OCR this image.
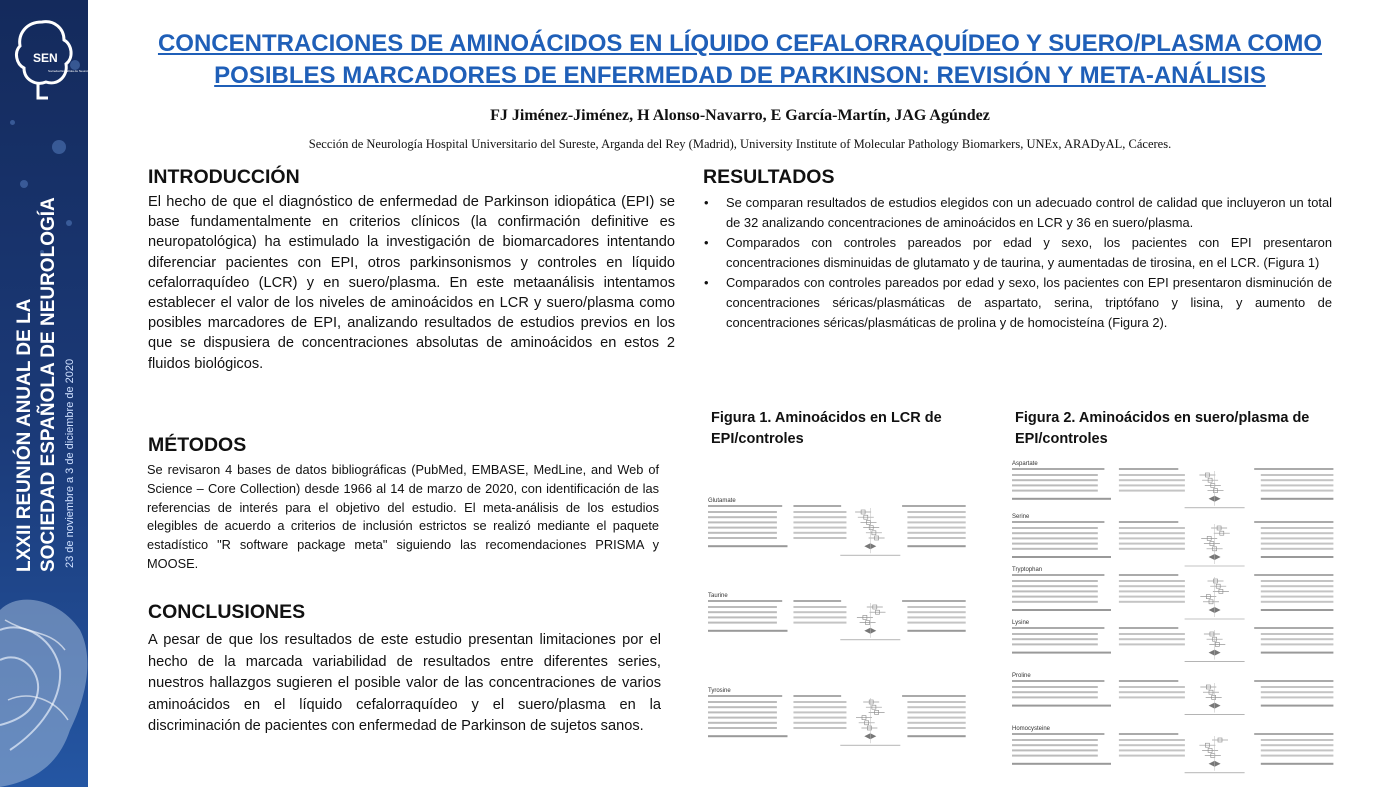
SEN
Sociedad Española de Neurología
LXXII REUNIÓN ANUAL DE LA SOCIEDAD ESPAÑOLA DE NEUROLOGÍA 23 de noviembre a 3 de diciembre de 2020
CONCENTRACIONES DE AMINOÁCIDOS EN LÍQUIDO CEFALORRAQUÍDEO Y SUERO/PLASMA COMO
POSIBLES MARCADORES DE ENFERMEDAD DE PARKINSON: REVISIÓN Y META-ANÁLISIS
FJ Jiménez-Jiménez, H Alonso-Navarro, E García-Martín, JAG Agúndez
Sección de Neurología Hospital Universitario del Sureste, Arganda del Rey (Madrid), University Institute of Molecular Pathology Biomarkers, UNEx, ARADyAL, Cáceres.
INTRODUCCIÓN
El hecho de que el diagnóstico de enfermedad de Parkinson idiopática (EPI) se base fundamentalmente en criterios clínicos (la confirmación definitive es neuropatológica) ha estimulado la investigación de biomarcadores intentando diferenciar pacientes con EPI, otros parkinsonismos y controles en líquido cefalorraquídeo (LCR) y en suero/plasma. En este metaanálisis intentamos establecer el valor de los niveles de aminoácidos en LCR y suero/plasma como posibles marcadores de EPI, analizando resultados de estudios previos en los que se dispusiera de concentraciones absolutas de aminoácidos en estos 2 fluidos biológicos.
MÉTODOS
Se revisaron 4 bases de datos bibliográficas (PubMed, EMBASE, MedLine, and Web of Science – Core Collection) desde 1966 al 14 de marzo de 2020, con identificación de las referencias de interés para el objetivo del estudio. El meta-análisis de los estudios elegibles de acuerdo a criterios de inclusión estrictos se realizó mediante el paquete estadístico "R software package meta" siguiendo las recomendaciones PRISMA y MOOSE.
CONCLUSIONES
A pesar de que los resultados de este estudio presentan limitaciones por el hecho de la marcada variabilidad de resultados entre diferentes series, nuestros hallazgos sugieren el posible valor de las concentraciones de varios aminoácidos en el líquido cefalorraquídeo y el suero/plasma en la discriminación de pacientes con enfermedad de Parkinson de sujetos sanos.
RESULTADOS
• Se comparan resultados de estudios elegidos con un adecuado control de calidad que incluyeron un total de 32 analizando concentraciones de aminoácidos en LCR y 36 en suero/plasma.
• Comparados con controles pareados por edad y sexo, los pacientes con EPI presentaron concentraciones disminuidas de glutamato y de taurina, y aumentadas de tirosina, en el LCR. (Figura 1)
• Comparados con controles pareados por edad y sexo, los pacientes con EPI presentaron disminución de concentraciones séricas/plasmáticas de aspartato, serina, triptófano y lisina, y aumento de concentraciones séricas/plasmáticas de prolina y de homocisteína (Figura 2).
Figura 1. Aminoácidos en LCR de EPI/controles
Figura 2. Aminoácidos en suero/plasma de EPI/controles
Glutamate
Taurine
Tyrosine
Aspartate
Serine
Tryptophan
Lysine
Proline
Homocysteine
